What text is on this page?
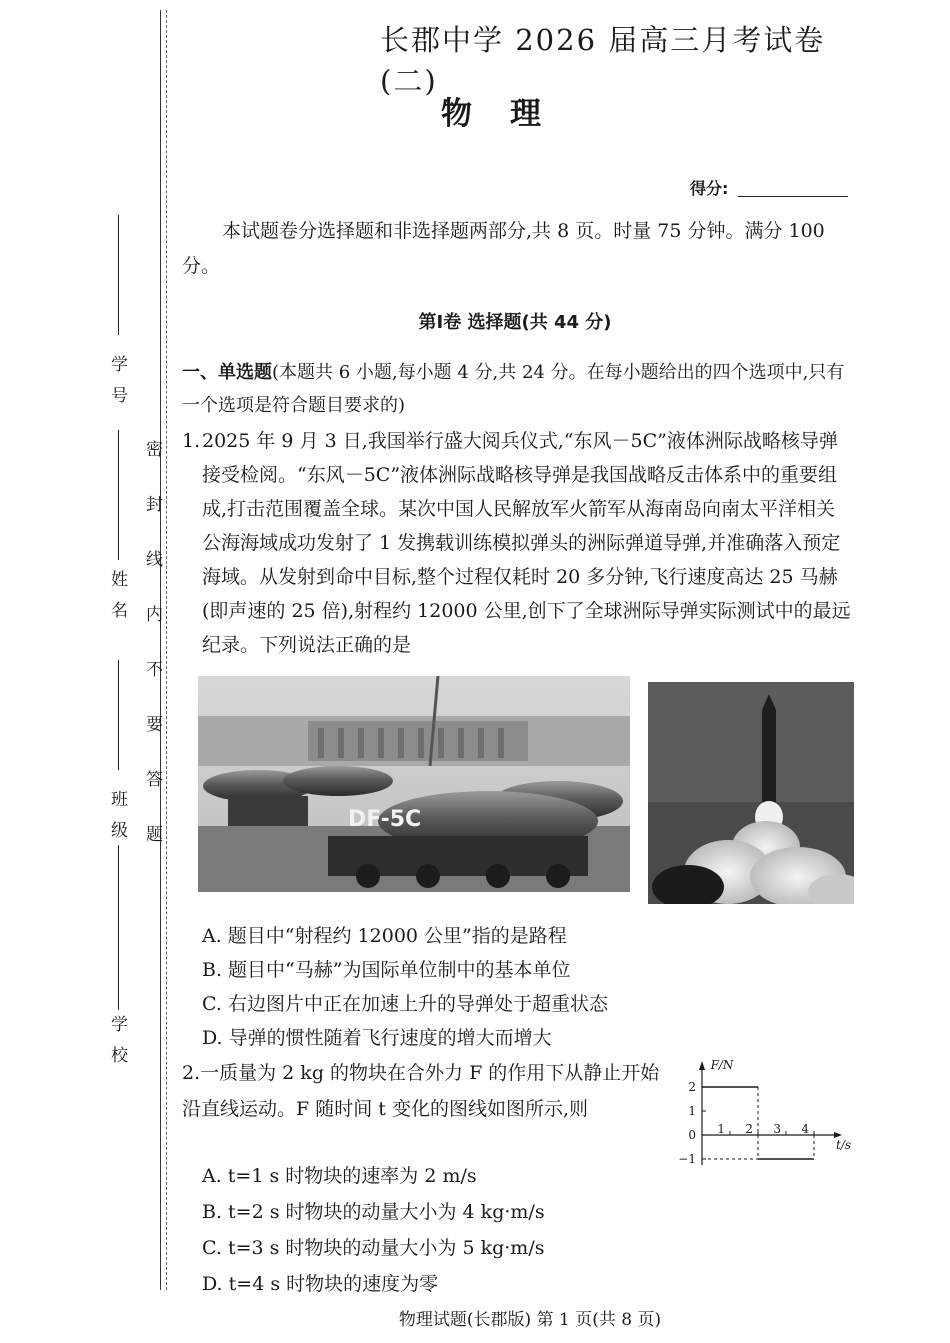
学号
姓名
班级
学校
密封线内不要答题
长郡中学 2026 届高三月考试卷(二)
物理
得分:
本试题卷分选择题和非选择题两部分,共 8 页。时量 75 分钟。满分 100 分。
第Ⅰ卷 选择题(共 44 分)
一、单选题(本题共 6 小题,每小题 4 分,共 24 分。在每小题给出的四个选项中,只有一个选项是符合题目要求的)
1. 2025 年 9 月 3 日,我国举行盛大阅兵仪式,“东风－5C”液体洲际战略核导弹接受检阅。“东风－5C”液体洲际战略核导弹是我国战略反击体系中的重要组成,打击范围覆盖全球。某次中国人民解放军火箭军从海南岛向南太平洋相关公海海域成功发射了 1 发携载训练模拟弹头的洲际弹道导弹,并准确落入预定海域。从发射到命中目标,整个过程仅耗时 20 多分钟,飞行速度高达 25 马赫(即声速的 25 倍),射程约 12000 公里,创下了全球洲际导弹实际测试中的最远纪录。下列说法正确的是
DF-5C
A. 题目中“射程约 12000 公里”指的是路程
B. 题目中“马赫”为国际单位制中的基本单位
C. 右边图片中正在加速上升的导弹处于超重状态
D. 导弹的惯性随着飞行速度的增大而增大
2.一质量为 2 kg 的物块在合外力 F 的作用下从静止开始沿直线运动。F 随时间 t 变化的图线如图所示,则
A. t=1 s 时物块的速率为 2 m/s
B. t=2 s 时物块的动量大小为 4 kg·m/s
C. t=3 s 时物块的动量大小为 5 kg·m/s
D. t=4 s 时物块的速度为零
F/N
t/s
1 2 3 4
2
1
0
−1
物理试题(长郡版) 第 1 页(共 8 页)
